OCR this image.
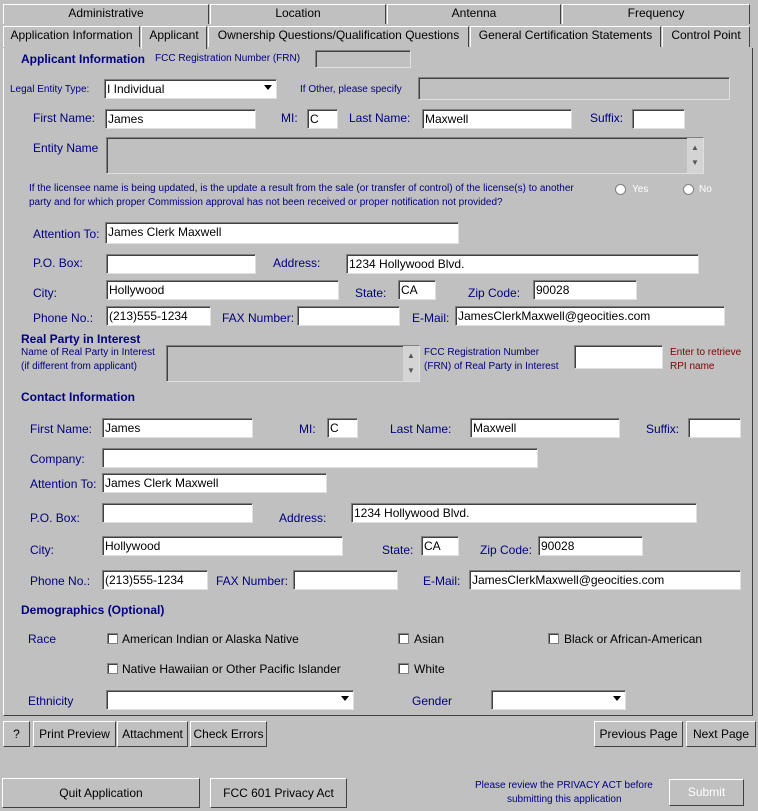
Administrative	Location	Antenna	Frequency
Application Information	Applicant	Ownership Questions/Qualification Questions	General Certification Statements	Control Point
Applicant Information FCC Registration Number (FRN)
Legal Entity Type: I Individual	If Other, please specify
First Name: James	MI: C	Last Name: Maxwell	Suffix:
Entity Name	▲
▼
If the licensee name is being updated, is the update a result from the sale (or transfer of control) of the license(s) to another
party and for which proper Commission approval has not been received or proper notification not provided?
Yes	No
Attention To: James Clerk Maxwell
P.O. Box:	Address: 1234 Hollywood Blvd.
City:	Hollywood	State: CA	Zip Code: 90028
Phone No.: (213)555-1234	FAX Number:	E-Mail: JamesClerkMaxwell@geocities.com
Real Party in Interest
Name of Real Party in Interest
(if different from applicant)
▲
▼
FCC Registration Number
(FRN) of Real Party in Interest
Enter to retrieve
RPI name
Contact Information
First Name: James	MI: C	Last Name: Maxwell	Suffix:
Company:
Attention To: James Clerk Maxwell
P.O. Box:	Address: 1234 Hollywood Blvd.
City:	Hollywood	State: CA	Zip Code: 90028
Phone No.: (213)555-1234	FAX Number:	E-Mail: JamesClerkMaxwell@geocities.com
Demographics (Optional)
Race	American Indian or Alaska Native	Asian	Black or African-American
Native Hawaiian or Other Pacific Islander	White
Ethnicity	Gender
?	Print Preview	Attachment Check Errors	Previous Page	Next Page
Quit Application	FCC 601 Privacy Act
Please review the PRIVACY ACT before
submitting this application
Submit
